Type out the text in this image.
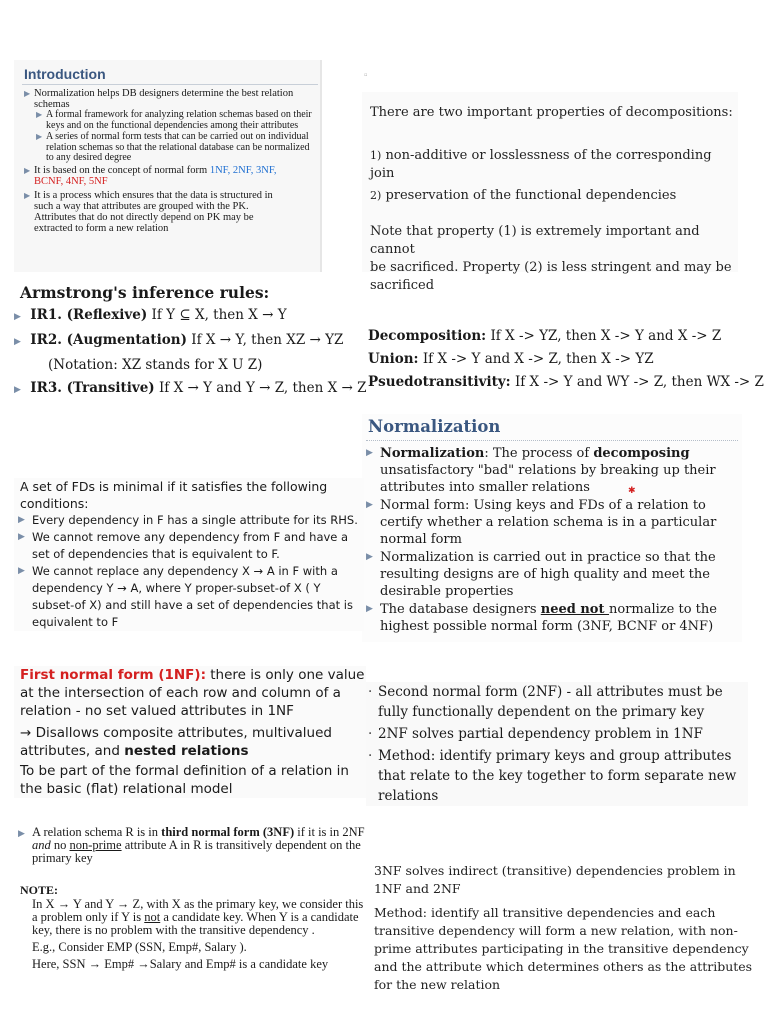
Introduction
▶ Normalization helps DB designers determine the best relation schemas
▶ A formal framework for analyzing relation schemas based on their keys and on the functional dependencies among their attributes
▶ A series of normal form tests that can be carried out on individual relation schemas so that the relational database can be normalized to any desired degree
▶ It is based on the concept of normal form 1NF, 2NF, 3NF, BCNF, 4NF, 5NF
▶ It is a process which ensures that the data is structured in
such a way that attributes are grouped with the PK.
Attributes that do not directly depend on PK may be
extracted to form a new relation
▫
There are two important properties of decompositions:
1) non-additive or losslessness of the corresponding join
2) preservation of the functional dependencies
Note that property (1) is extremely important and cannot
be sacrificed. Property (2) is less stringent and may be
sacrificed
Armstrong's inference rules:
▶ IR1. (Reflexive) If Y ⊆ X, then X → Y
▶ IR2. (Augmentation) If X → Y, then XZ → YZ
(Notation: XZ stands for X U Z)
▶ IR3. (Transitive) If X → Y and Y → Z, then X → Z
Decomposition: If X -> YZ, then X -> Y and X -> Z
Union: If X -> Y and X -> Z, then X -> YZ
Psuedotransitivity: If X -> Y and WY -> Z, then WX -> Z
Normalization
▶ Normalization: The process of decomposing unsatisfactory "bad" relations by breaking up their attributes into smaller relations
▶ Normal form: Using keys and FDs of a relation to certify whether a relation schema is in a particular normal form
▶ Normalization is carried out in practice so that the resulting designs are of high quality and meet the desirable properties
▶ The database designers need not normalize to the highest possible normal form (3NF, BCNF or 4NF)
✱
A set of FDs is minimal if it satisfies the following conditions:
▶ Every dependency in F has a single attribute for its RHS.
▶ We cannot remove any dependency from F and have a set of dependencies that is equivalent to F.
▶ We cannot replace any dependency X → A in F with a dependency Y → A, where Y proper-subset-of X ( Y subset-of X) and still have a set of dependencies that is equivalent to F
First normal form (1NF): there is only one value at the intersection of each row and column of a relation - no set valued attributes in 1NF
→ Disallows composite attributes, multivalued attributes, and nested relations
To be part of the formal definition of a relation in the basic (flat) relational model
· Second normal form (2NF) - all attributes must be fully functionally dependent on the primary key
· 2NF solves partial dependency problem in 1NF
· Method: identify primary keys and group attributes that relate to the key together to form separate new relations
▶ A relation schema R is in third normal form (3NF) if it is in 2NF and no non-prime attribute A in R is transitively dependent on the primary key
NOTE:
In X → Y and Y → Z, with X as the primary key, we consider this a problem only if Y is not a candidate key. When Y is a candidate key, there is no problem with the transitive dependency .
E.g., Consider EMP (SSN, Emp#, Salary ).
Here, SSN → Emp# →Salary and Emp# is a candidate key
3NF solves indirect (transitive) dependencies problem in 1NF and 2NF
Method: identify all transitive dependencies and each transitive dependency will form a new relation, with non-prime attributes participating in the transitive dependency and the attribute which determines others as the attributes for the new relation
